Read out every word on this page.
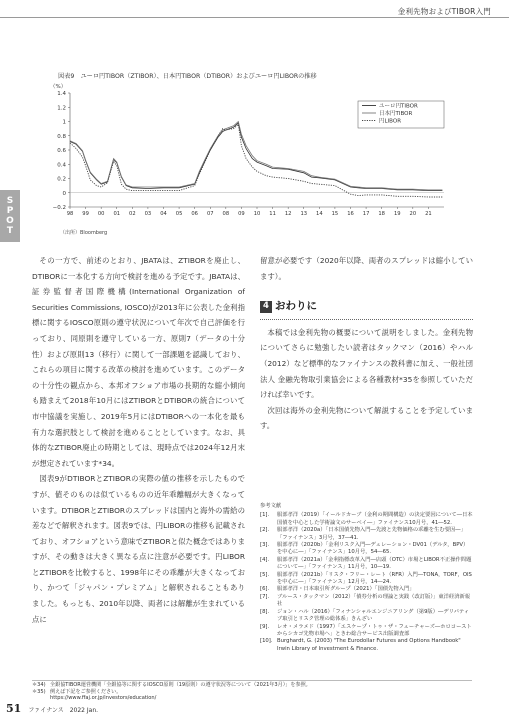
金利先物およびTIBOR入門
SPOT
図表9　ユーロ円TIBOR（ZTIBOR）、日本円TIBOR（DTIBOR）およびユーロ円LIBORの推移
（%）
1.4
1.2
1
0.8
0.6
0.4
0.2
0
−0.2
98 99 00 01 02 03 04 05 06 07 08 09 10 11 12 13 14 15 16 17 18 19 20 21
ユーロ円TIBOR
日本円TIBOR
円LIBOR
（出所）Bloomberg

その一方で、前述のとおり、JBATAは、ZTIBORを廃止し、DTIBORに一本化する方向で検討を進める予定です。JBATAは、証券監督者国際機構(International Organization of Securities Commissions, IOSCO)が2013年に公表した金利指標に関するIOSCO原則の遵守状況について年次で自己評価を行っており、同原則を遵守している一方、原則7（データの十分性）および原則13（移行）に関して一部課題を認識しており、これらの項目に関する改革の検討を進めています。このデータの十分性の観点から、本邦オフショア市場の長期的な縮小傾向も踏まえて2018年10月にはZTIBORとDTIBORの統合について市中協議を実施し、2019年5月にはDTIBORへの一本化を最も有力な選択肢として検討を進めることとしています。なお、具体的なZTIBOR廃止の時期としては、現時点では2024年12月末が想定されています*34。

図表9がDTIBORとZTIBORの実際の値の推移を示したものですが、値そのものは似ているものの近年乖離幅が大きくなっています。DTIBORとZTIBORのスプレッドは国内と海外の需給の差などで解釈されます。図表9では、円LIBORの推移も記載されており、オフショアという意味でZTIBORと似た概念ではありますが、その動きは大きく異なる点に注意が必要です。円LIBORとZTIBORを比較すると、1998年にその乖離が大きくなっており、かつて「ジャパン・プレミアム」と解釈されることもありました。もっとも、2010年以降、両者には解離が生まれている点に

留意が必要です（2020年以降、両者のスプレッドは縮小しています）。

4 おわりに

本稿では金利先物の概要について説明をしました。金利先物についてさらに勉強したい読者はタックマン（2016）やハル（2012）など標準的なファイナンスの教科書に加え、一般社団法人 金融先物取引業協会による各種教材*35を参照していただければ幸いです。

次回は海外の金利先物について解説することを予定しています。

参考文献
[1].	服部孝洋（2019）「イールドカーブ（金利の期間構造）の決定要因について―日本国債を中心とした学術論文のサーベイ―」ファイナンス10月号，41―52.
[2].	服部孝洋（2020a）「日本国債先物入門―先渡と先物価格の乖離を生む要因―」「ファイナンス」3月号，37―41.
[3].	服部孝洋（2020b）「金利リスク入門―デュレーション・DV01（デルタ，BPV）を中心に―」「ファイナンス」10月号，54―65.
[4].	服部孝洋（2021a）「金利指標改革入門―店頭（OTC）市場とLIBOR不正操作問題について―」「ファイナンス」11月号，10―19.
[5].	服部孝洋（2021b）「リスク・フリー・レート（RFR）入門―TONA，TORF，OISを中心に―」「ファイナンス」12月号，14―24.
[6].	服部孝洋・日本取引所グループ（2021）「国債先物入門」
[7].	ブルース・タックマン（2012）「債券分析の理論と実践（改訂版）」東洋経済新報社
[8].	ジョン・ハル（2016）「フィナンシャルエンジニアリング（第9版）―デリバティブ取引とリスク管理の総体系」きんざい
[9].	レオ・メラメド（1997）「エスケープ・トゥ・ザ・フューチャーズ―ホロコーストからシカゴ先物市場へ」ときわ総合サービス出版調査部
[10]. Burghardt, G. (2003) "The Eurodollar Futures and Options Handbook" Irwin Library of Investment & Finance.
＊34) 全銀協TIBOR運営機関「全銀協等に関するIOSCO原則（19原則）の遵守状況等について（2021年3月）」を参照。
＊35) 例えば下記をご参照ください。
https://www.ffaj.or.jp/investors/education/
51 ファイナンス　2022 Jan.
